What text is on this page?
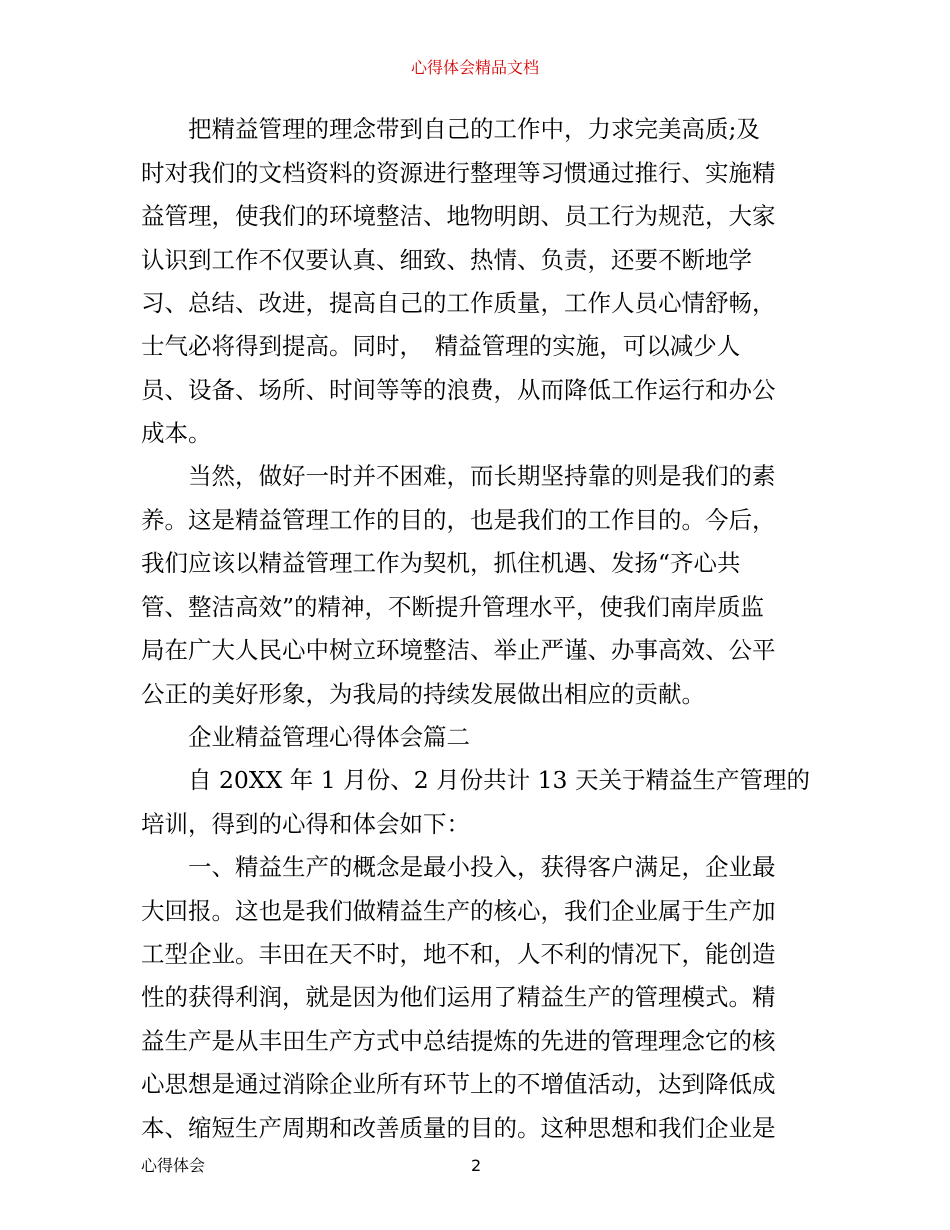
心得体会精品文档
　　把精益管理的理念带到自己的工作中，力求完美高质;及
时对我们的文档资料的资源进行整理等习惯通过推行、实施精
益管理，使我们的环境整洁、地物明朗、员工行为规范，大家
认识到工作不仅要认真、细致、热情、负责，还要不断地学
习、总结、改进，提高自己的工作质量，工作人员心情舒畅，
士气必将得到提高。同时，　精益管理的实施，可以减少人
员、设备、场所、时间等等的浪费，从而降低工作运行和办公
成本。
　　当然，做好一时并不困难，而长期坚持靠的则是我们的素
养。这是精益管理工作的目的，也是我们的工作目的。今后，
我们应该以精益管理工作为契机，抓住机遇、发扬“齐心共
管、整洁高效”的精神，不断提升管理水平，使我们南岸质监
局在广大人民心中树立环境整洁、举止严谨、办事高效、公平
公正的美好形象，为我局的持续发展做出相应的贡献。
　　企业精益管理心得体会篇二
　　自 20XX 年 1 月份、2 月份共计 13 天关于精益生产管理的
培训，得到的心得和体会如下：
　　一、精益生产的概念是最小投入，获得客户满足，企业最
大回报。这也是我们做精益生产的核心，我们企业属于生产加
工型企业。丰田在天不时，地不和，人不利的情况下，能创造
性的获得利润，就是因为他们运用了精益生产的管理模式。精
益生产是从丰田生产方式中总结提炼的先进的管理理念它的核
心思想是通过消除企业所有环节上的不增值活动，达到降低成
本、缩短生产周期和改善质量的目的。这种思想和我们企业是
心得体会	2
